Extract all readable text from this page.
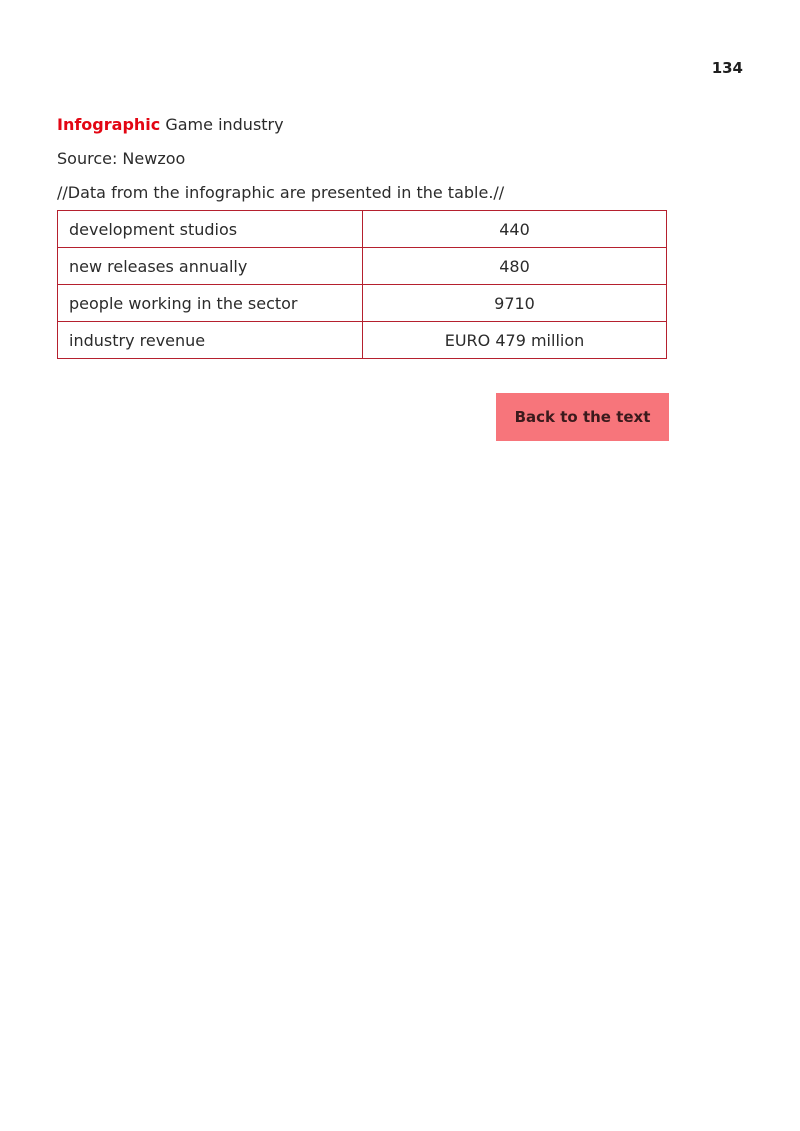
134
Infographic Game industry
Source: Newzoo
//Data from the infographic are presented in the table.//
development studios	440
new releases annually	480
people working in the sector	9710
industry revenue	EURO 479 million
Back to the text
